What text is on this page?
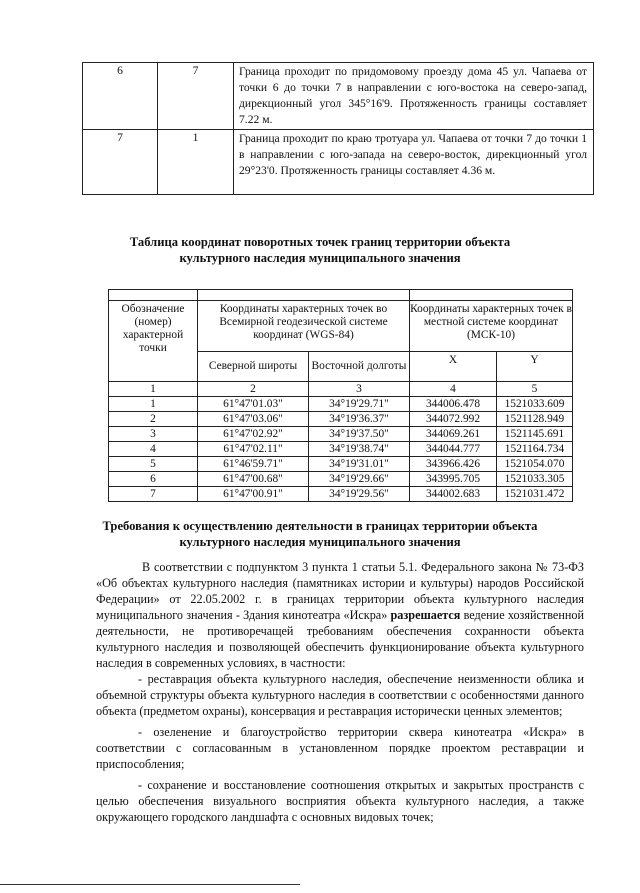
6	7	Граница проходит по придомовому проезду дома 45 ул. Чапаева от точки 6 до точки 7 в направлении с юго-востока на северо-запад, дирекционный угол 345°16'9. Протяженность границы составляет 7.22 м.
7	1	Граница проходит по краю тротуара ул. Чапаева от точки 7 до точки 1 в направлении с юго-запада на северо-восток, дирекционный угол 29°23'0. Протяженность границы составляет 4.36 м.
Таблица координат поворотных точек границ территории объекта культурного наследия муниципального значения

Обозначение (номер) характерной точки	Координаты характерных точек во Всемирной геодезической системе координат (WGS-84)		Координаты характерных точек в местной системе координат (МСК-10)	
	Северной широты	Восточной долготы	X	Y
1	2	3	4	5
1	61°47'01.03"	34°19'29.71"	344006.478	1521033.609
2	61°47'03.06"	34°19'36.37"	344072.992	1521128.949
3	61°47'02.92"	34°19'37.50"	344069.261	1521145.691
4	61°47'02.11"	34°19'38.74"	344044.777	1521164.734
5	61°46'59.71"	34°19'31.01"	343966.426	1521054.070
6	61°47'00.68"	34°19'29.66"	343995.705	1521033.305
7	61°47'00.91"	34°19'29.56"	344002.683	1521031.472
Требования к осуществлению деятельности в границах территории объекта культурного наследия муниципального значения

В соответствии с подпунктом 3 пункта 1 статьи 5.1. Федерального закона № 73-ФЗ «Об объектах культурного наследия (памятниках истории и культуры) народов Российской Федерации» от 22.05.2002 г. в границах территории объекта культурного наследия муниципального значения - Здания кинотеатра «Искра» разрешается ведение хозяйственной деятельности, не противоречащей требованиям обеспечения сохранности объекта культурного наследия и позволяющей обеспечить функционирование объекта культурного наследия в современных условиях, в частности:

- реставрация объекта культурного наследия, обеспечение неизменности облика и объемной структуры объекта культурного наследия в соответствии с особенностями данного объекта (предметом охраны), консервация и реставрация исторически ценных элементов;

- озеленение и благоустройство территории сквера кинотеатра «Искра» в соответствии с согласованным в установленном порядке проектом реставрации и приспособления;

- сохранение и восстановление соотношения открытых и закрытых пространств с целью обеспечения визуального восприятия объекта культурного наследия, а также окружающего городского ландшафта с основных видовых точек;
